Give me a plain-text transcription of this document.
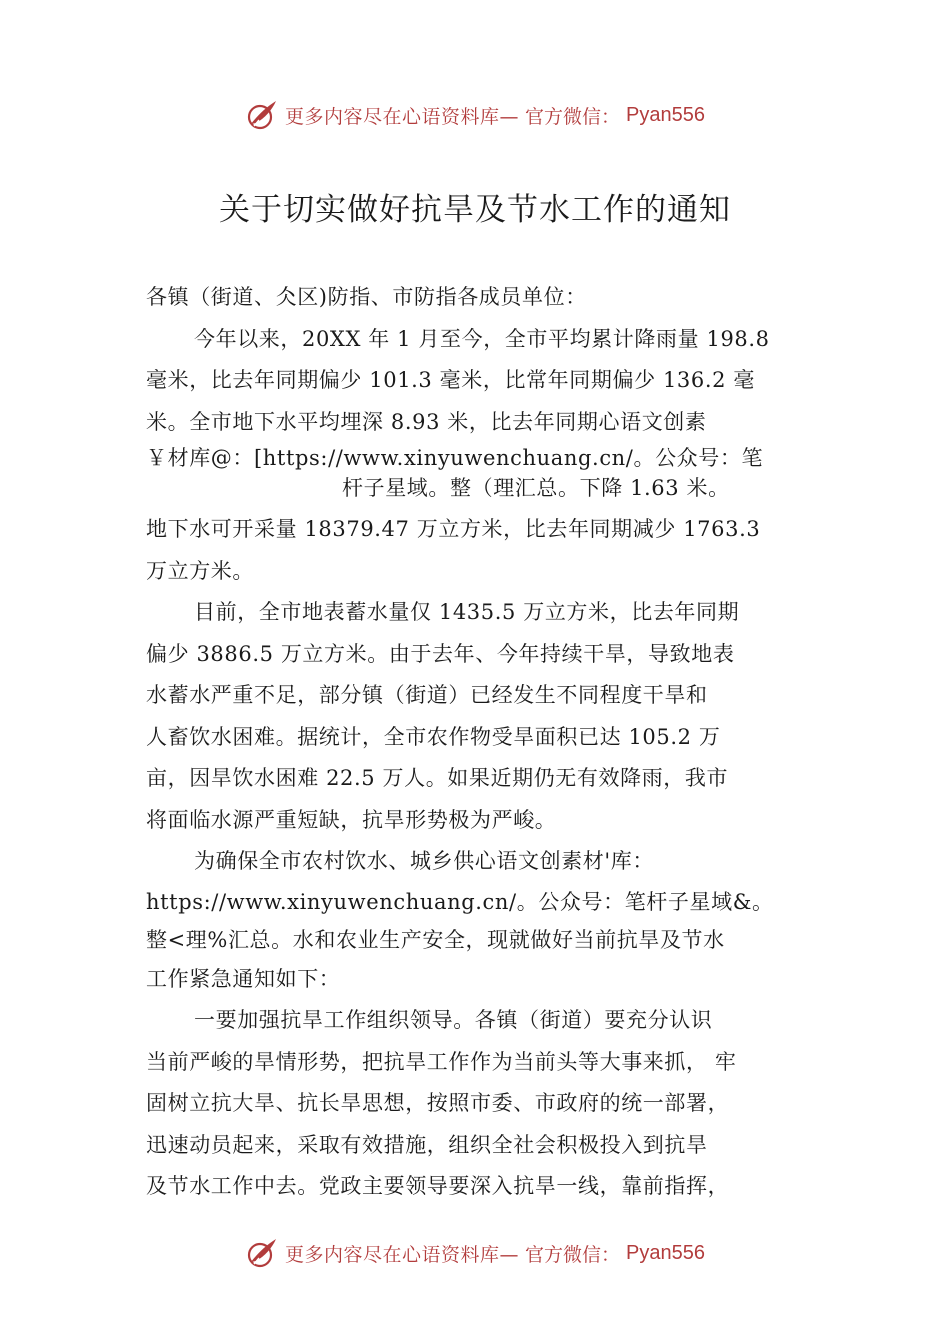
更多内容尽在心语资料库— 官方微信： Pyan556
关于切实做好抗旱及节水工作的通知

各镇（街道、仌区)防指、市防指各成员单位：

今年以来，20XX 年 1 月至今，全市平均累计降雨量 198.8

毫米，比去年同期偏少 101.3 毫米，比常年同期偏少 136.2 毫

米。全市地下水平均埋深 8.93 米，比去年同期心语文创素

￥材库@：[https://www.xinyuwenchuang.cn/。公众号：笔

杆子星域。整（理汇总。下降 1.63 米。

地下水可开采量 18379.47 万立方米，比去年同期减少 1763.3

万立方米。

目前，全市地表蓄水量仅 1435.5 万立方米，比去年同期

偏少 3886.5 万立方米。由于去年、今年持续干旱，导致地表

水蓄水严重不足，部分镇（街道）已经发生不同程度干旱和

人畜饮水困难。据统计，全市农作物受旱面积已达 105.2 万

亩，因旱饮水困难 22.5 万人。如果近期仍无有效降雨，我市

将面临水源严重短缺，抗旱形势极为严峻。

为确保全市农村饮水、城乡供心语文创素材'库：

https://www.xinyuwenchuang.cn/。公众号：笔杆子星域&。

整<理%汇总。水和农业生产安全，现就做好当前抗旱及节水

工作紧急通知如下：

一要加强抗旱工作组织领导。各镇（街道）要充分认识

当前严峻的旱情形势，把抗旱工作作为当前头等大事来抓， 牢

固树立抗大旱、抗长旱思想，按照市委、市政府的统一部署，

迅速动员起来，采取有效措施，组织全社会积极投入到抗旱

及节水工作中去。党政主要领导要深入抗旱一线，靠前指挥，

更多内容尽在心语资料库— 官方微信： Pyan556
